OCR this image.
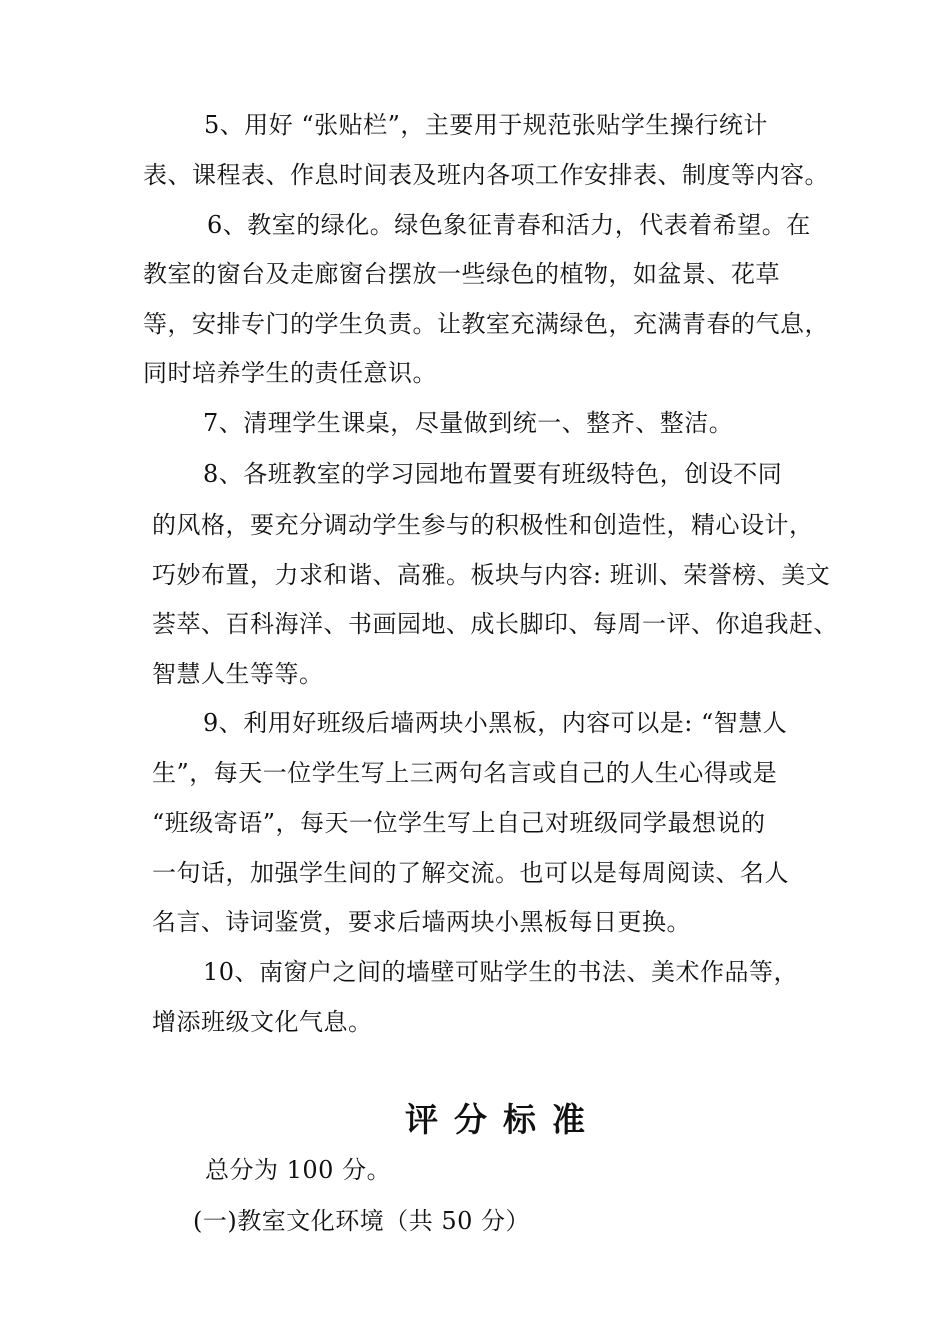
5、用好 “张贴栏”，主要用于规范张贴学生操行统计
表、课程表、作息时间表及班内各项工作安排表、制度等内容。
6、教室的绿化。绿色象征青春和活力，代表着希望。在
教室的窗台及走廊窗台摆放一些绿色的植物，如盆景、花草
等，安排专门的学生负责。让教室充满绿色，充满青春的气息，
同时培养学生的责任意识。
7、清理学生课桌，尽量做到统一、整齐、整洁。
8、各班教室的学习园地布置要有班级特色，创设不同
的风格，要充分调动学生参与的积极性和创造性，精心设计，
巧妙布置，力求和谐、高雅。板块与内容: 班训、荣誉榜、美文
荟萃、百科海洋、书画园地、成长脚印、每周一评、你追我赶、
智慧人生等等。
9、利用好班级后墙两块小黑板，内容可以是: “智慧人
生”，每天一位学生写上三两句名言或自己的人生心得或是
“班级寄语”，每天一位学生写上自己对班级同学最想说的
一句话，加强学生间的了解交流。也可以是每周阅读、名人
名言、诗词鉴赏，要求后墙两块小黑板每日更换。
10、南窗户之间的墙壁可贴学生的书法、美术作品等，
增添班级文化气息。
评分标准
总分为 100 分。
(一)教室文化环境（共 50 分）
